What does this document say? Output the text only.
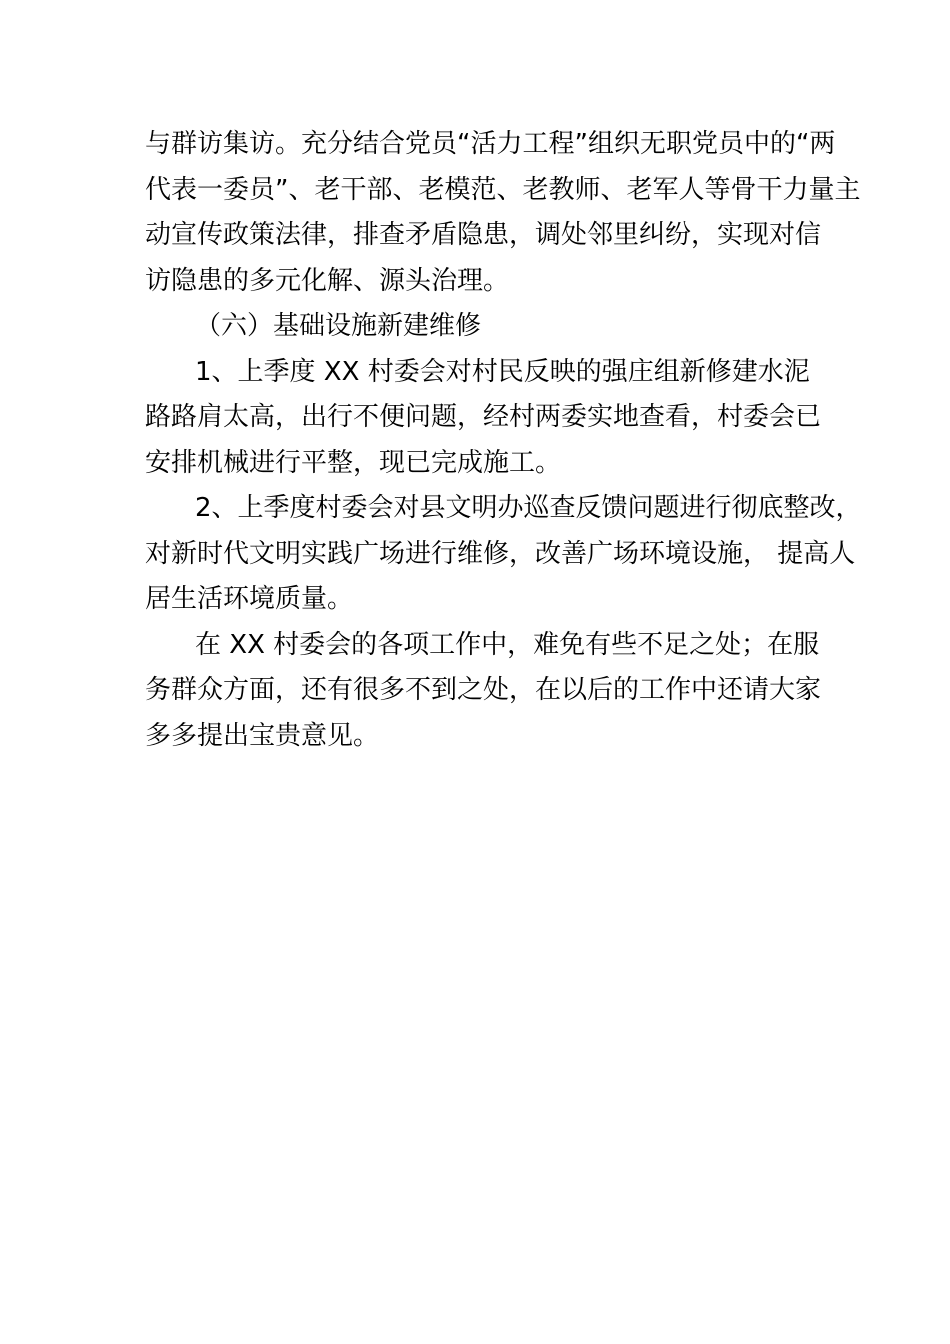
与群访集访。充分结合党员“活力工程”组织无职党员中的“两
代表一委员”、老干部、老模范、老教师、老军人等骨干力量主
动宣传政策法律，排查矛盾隐患，调处邻里纠纷，实现对信
访隐患的多元化解、源头治理。
（六）基础设施新建维修
1、上季度 XX 村委会对村民反映的强庄组新修建水泥
路路肩太高，出行不便问题，经村两委实地查看，村委会已
安排机械进行平整，现已完成施工。
2、上季度村委会对县文明办巡查反馈问题进行彻底整改，
对新时代文明实践广场进行维修，改善广场环境设施， 提高人
居生活环境质量。
在 XX 村委会的各项工作中，难免有些不足之处；在服
务群众方面，还有很多不到之处，在以后的工作中还请大家
多多提出宝贵意见。
